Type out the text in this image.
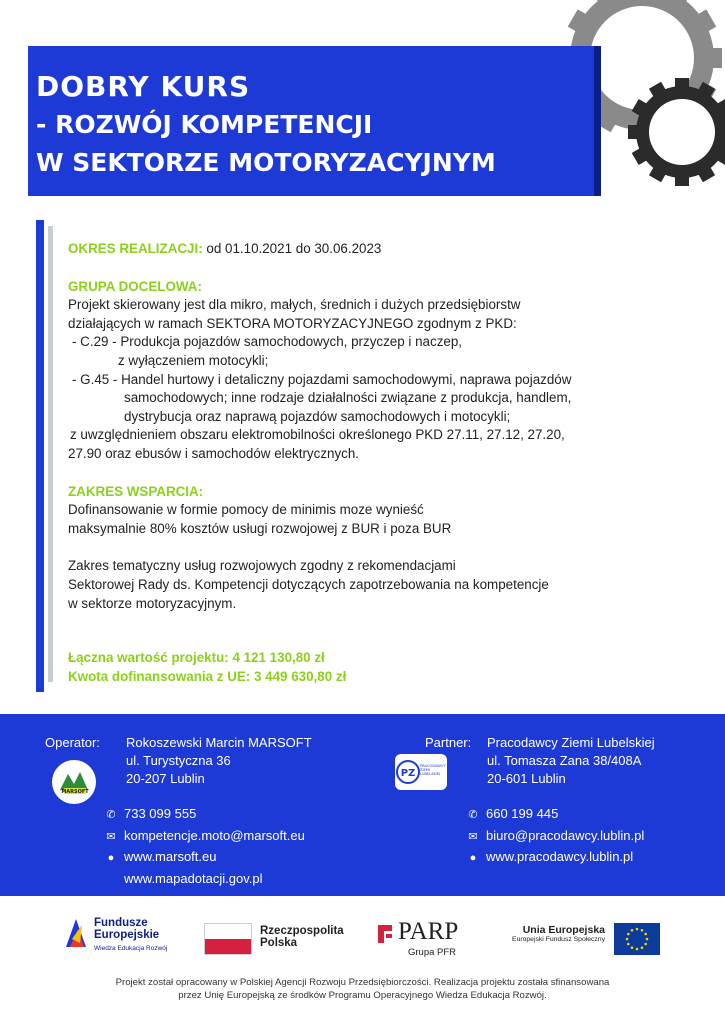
DOBRY KURS
- ROZWÓJ KOMPETENCJI
W SEKTORZE MOTORYZACYJNYM
OKRES REALIZACJI: od 01.10.2021 do 30.06.2023
GRUPA DOCELOWA:
Projekt skierowany jest dla mikro, małych, średnich i dużych przedsiębiorstw
działających w ramach SEKTORA MOTORYZACYJNEGO zgodnym z PKD:
- C.29 - Produkcja pojazdów samochodowych, przyczep i naczep,
z wyłączeniem motocykli;
- G.45 - Handel hurtowy i detaliczny pojazdami samochodowymi, naprawa pojazdów
samochodowych; inne rodzaje działalności związane z produkcja, handlem,
dystrybucja oraz naprawą pojazdów samochodowych i motocykli;
z uwzględnieniem obszaru elektromobilności określonego PKD 27.11, 27.12, 27.20,
27.90 oraz ebusów i samochodów elektrycznych.
ZAKRES WSPARCIA:
Dofinansowanie w formie pomocy de minimis moze wynieść
maksymalnie 80% kosztów usługi rozwojowej z BUR i poza BUR
Zakres tematyczny usług rozwojowych zgodny z rekomendacjami
Sektorowej Rady ds. Kompetencji dotyczących zapotrzebowania na kompetencje
w sektorze motoryzacyjnym.
Łączna wartość projektu: 4 121 130,80 zł
Kwota dofinansowania z UE: 3 449 630,80 zł
Operator:
MARSOFT
Rokoszewski Marcin MARSOFT
ul. Turystyczna 36
20-207 Lublin
✆ 733 099 555
✉ kompetencje.moto@marsoft.eu
● www.marsoft.eu
www.mapadotacji.gov.pl
Partner:
PZ
PRACODAWCY ZIEMI LUBELSKIEJ
Pracodawcy Ziemi Lubelskiej
ul. Tomasza Zana 38/408A
20-601 Lublin
✆ 660 199 445
✉ biuro@pracodawcy.lublin.pl
● www.pracodawcy.lublin.pl
Fundusze
Europejskie
Wiedza Edukacja Rozwój
Rzeczpospolita
Polska	PARP
Grupa PFR
Unia Europejska
Europejski Fundusz Społeczny
Projekt został opracowany w Polskiej Agencji Rozwoju Przedsiębiorczości. Realizacja projektu została sfinansowana
przez Unię Europejską ze środków Programu Operacyjnego Wiedza Edukacja Rozwój.
